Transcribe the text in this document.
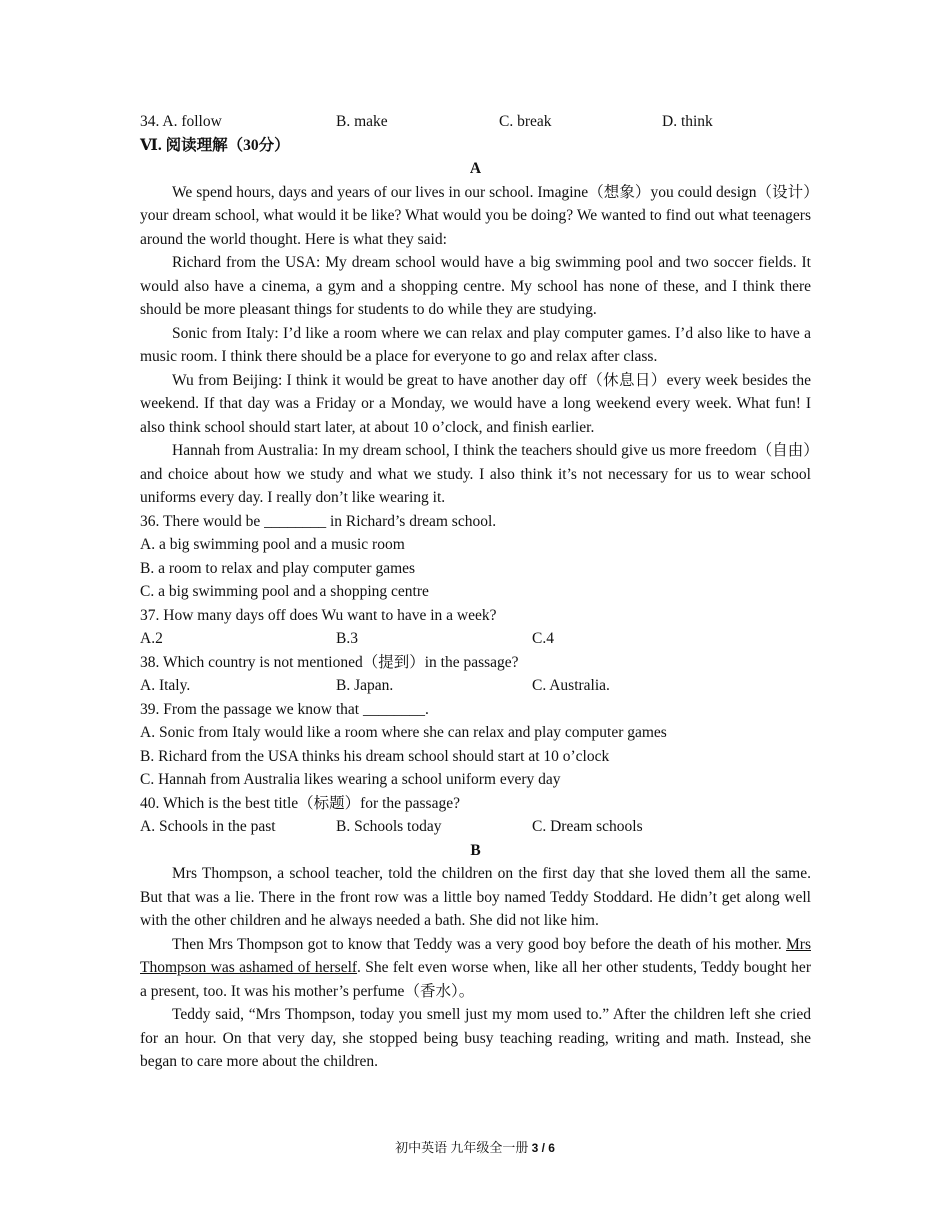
34. A. follow	B. make	C. break	D. think
Ⅵ. 阅读理解（30分）
A

We spend hours, days and years of our lives in our school. Imagine（想象）you could design（设计）your dream school, what would it be like? What would you be doing? We wanted to find out what teenagers around the world thought. Here is what they said:

Richard from the USA: My dream school would have a big swimming pool and two soccer fields. It would also have a cinema, a gym and a shopping centre. My school has none of these, and I think there should be more pleasant things for students to do while they are studying.

Sonic from Italy: I’d like a room where we can relax and play computer games. I’d also like to have a music room. I think there should be a place for everyone to go and relax after class.

Wu from Beijing: I think it would be great to have another day off（休息日）every week besides the weekend. If that day was a Friday or a Monday, we would have a long weekend every week. What fun! I also think school should start later, at about 10 o’clock, and finish earlier.

Hannah from Australia: In my dream school, I think the teachers should give us more freedom（自由）and choice about how we study and what we study. I also think it’s not necessary for us to wear school uniforms every day. I really don’t like wearing it.

36. There would be ________ in Richard’s dream school.
A. a big swimming pool and a music room
B. a room to relax and play computer games
C. a big swimming pool and a shopping centre
37. How many days off does Wu want to have in a week?
A.2	B.3	C.4
38. Which country is not mentioned（提到）in the passage?
A. Italy.	B. Japan.	C. Australia.
39. From the passage we know that ________.
A. Sonic from Italy would like a room where she can relax and play computer games
B. Richard from the USA thinks his dream school should start at 10 o’clock
C. Hannah from Australia likes wearing a school uniform every day
40. Which is the best title（标题）for the passage?
A. Schools in the past	B. Schools today	C. Dream schools
B

Mrs Thompson, a school teacher, told the children on the first day that she loved them all the same. But that was a lie. There in the front row was a little boy named Teddy Stoddard. He didn’t get along well with the other children and he always needed a bath. She did not like him.

Then Mrs Thompson got to know that Teddy was a very good boy before the death of his mother. Mrs Thompson was ashamed of herself. She felt even worse when, like all her other students, Teddy bought her a present, too. It was his mother’s perfume（香水）。

Teddy said, “Mrs Thompson, today you smell just my mom used to.” After the children left she cried for an hour. On that very day, she stopped being busy teaching reading, writing and math. Instead, she began to care more about the children.

初中英语 九年级全一册 3 / 6
